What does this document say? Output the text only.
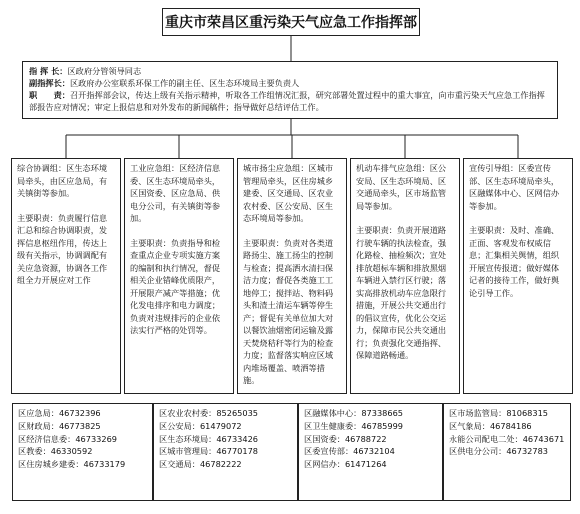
重庆市荣昌区重污染天气应急工作指挥部
指 挥 长：区政府分管领导同志
副指挥长：区政府办公室联系环保工作的副主任、区生态环境局主要负责人
职　　责：召开指挥部会议，传达上级有关指示精神，听取各工作组情况汇报，研究部署处置过程中的重大事宜，向市重污染天气应急工作指挥部报告应对情况；审定上报信息和对外发布的新闻稿件；指导做好总结评估工作。

综合协调组：区生态环境局牵头，由区应急局，有关镇街等参加。

主要职责：负责履行信息汇总和综合协调职责，发挥信息枢纽作用，传达上级有关指示，协调调配有关应急资源，协调各工作组全力开展应对工作

工业应急组：区经济信息委、区生态环境局牵头，区国资委、区应急局、供电分公司，有关镇街等参加。

主要职责：负责指导和检查重点企业专项实施方案的编制和执行情况，督促相关企业错峰优质限产，开展限产减产等措施；优化发电排序和电力调度；负责对违规排污的企业依法实行严格的处罚等。

城市扬尘应急组：区城市管理局牵头，区住房城乡建委、区交通局、区农业农村委、区公安局、区生态环境局等参加。

主要职责：负责对各类道路扬尘、施工扬尘的控制与检查；提高洒水清扫保洁力度；督促各类施工工地停工；搅拌站、物料码头和渣土清运车辆等停生产；督促有关单位加大对以餐饮油烟密闭运输及露天焚烧秸秆等行为的检查力度；监督落实响应区域内堆场覆盖、喷洒等措施。

机动车排气应急组：区公安局、区生态环境局、区交通局牵头，区市场监管局等参加。

主要职责：负责开展道路行驶车辆的执法检查，强化路检、抽检频次；宣处排放超标车辆和排放黑烟车辆进入禁行区行驶；落实高排放机动车应急限行措施，开展公共交通出行的倡议宣传，优化公交运力，保障市民公共交通出行；负责强化交通指挥、保障道路畅通。

宣传引导组：区委宣传部、区生态环境局牵头，区融媒体中心、区网信办等参加。

主要职责：及时、准确、正面、客观发布权威信息；汇集相关舆情，组织开展宣传报道；做好媒体记者的接待工作，做好舆论引导工作。

区应急局：46732396
区财政局：46773825
区经济信息委：46733269
区教委：46330592
区住房城乡建委：46733179
区农业农村委：85265035
区公安局：61479072
区生态环境局：46733426
区城市管理局：46770178
区交通局：46782222
区融媒体中心：87338665
区卫生健康委：46785999
区国资委：46788722
区委宣传部：46732104
区网信办：61471264
区市场监管局：81068315
区气象局：46784186
永能公司配电二处：46743671
区供电分公司：46732783
